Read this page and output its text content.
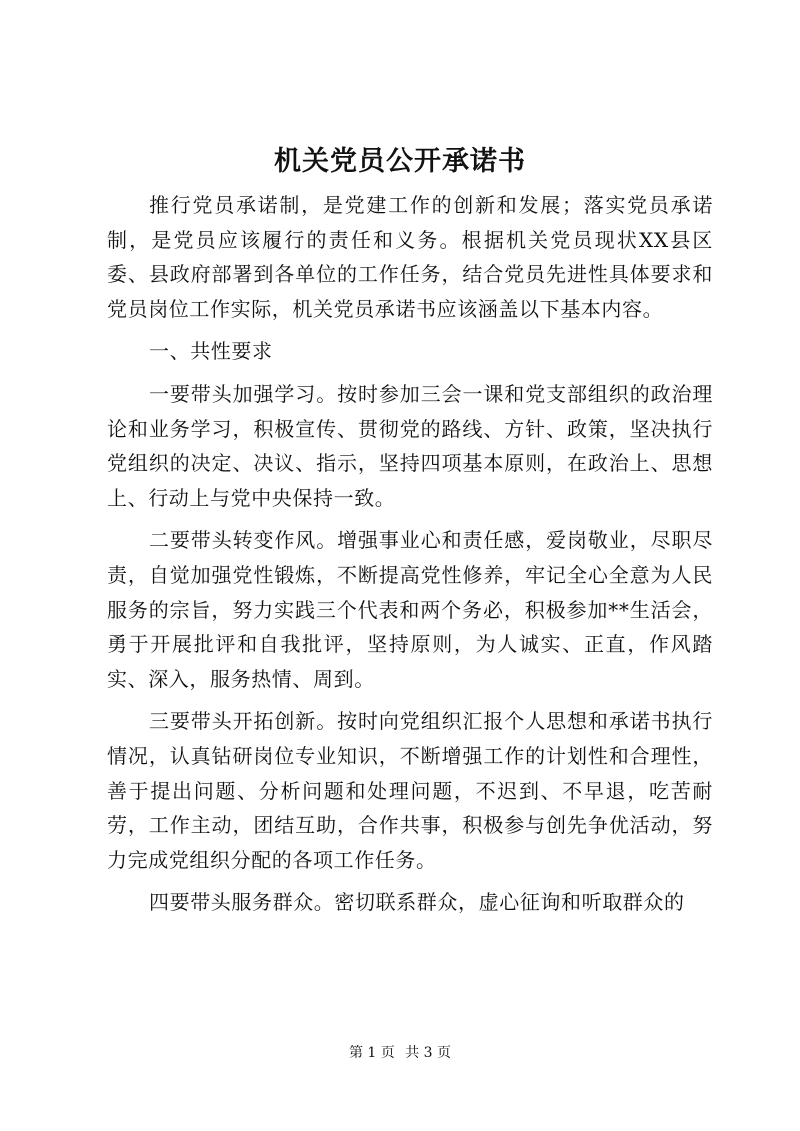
机关党员公开承诺书

推行党员承诺制，是党建工作的创新和发展；落实党员承诺制，是党员应该履行的责任和义务。根据机关党员现状XX县区委、县政府部署到各单位的工作任务，结合党员先进性具体要求和党员岗位工作实际，机关党员承诺书应该涵盖以下基本内容。

一、共性要求

一要带头加强学习。按时参加三会一课和党支部组织的政治理论和业务学习，积极宣传、贯彻党的路线、方针、政策，坚决执行党组织的决定、决议、指示，坚持四项基本原则，在政治上、思想上、行动上与党中央保持一致。

二要带头转变作风。增强事业心和责任感，爱岗敬业，尽职尽责，自觉加强党性锻炼，不断提高党性修养，牢记全心全意为人民服务的宗旨，努力实践三个代表和两个务必，积极参加**生活会，勇于开展批评和自我批评，坚持原则，为人诚实、正直，作风踏实、深入，服务热情、周到。

三要带头开拓创新。按时向党组织汇报个人思想和承诺书执行情况，认真钻研岗位专业知识，不断增强工作的计划性和合理性，善于提出问题、分析问题和处理问题，不迟到、不早退，吃苦耐劳，工作主动，团结互助，合作共事，积极参与创先争优活动，努力完成党组织分配的各项工作任务。

四要带头服务群众。密切联系群众，虚心征询和听取群众的

第 1 页 共 3 页
